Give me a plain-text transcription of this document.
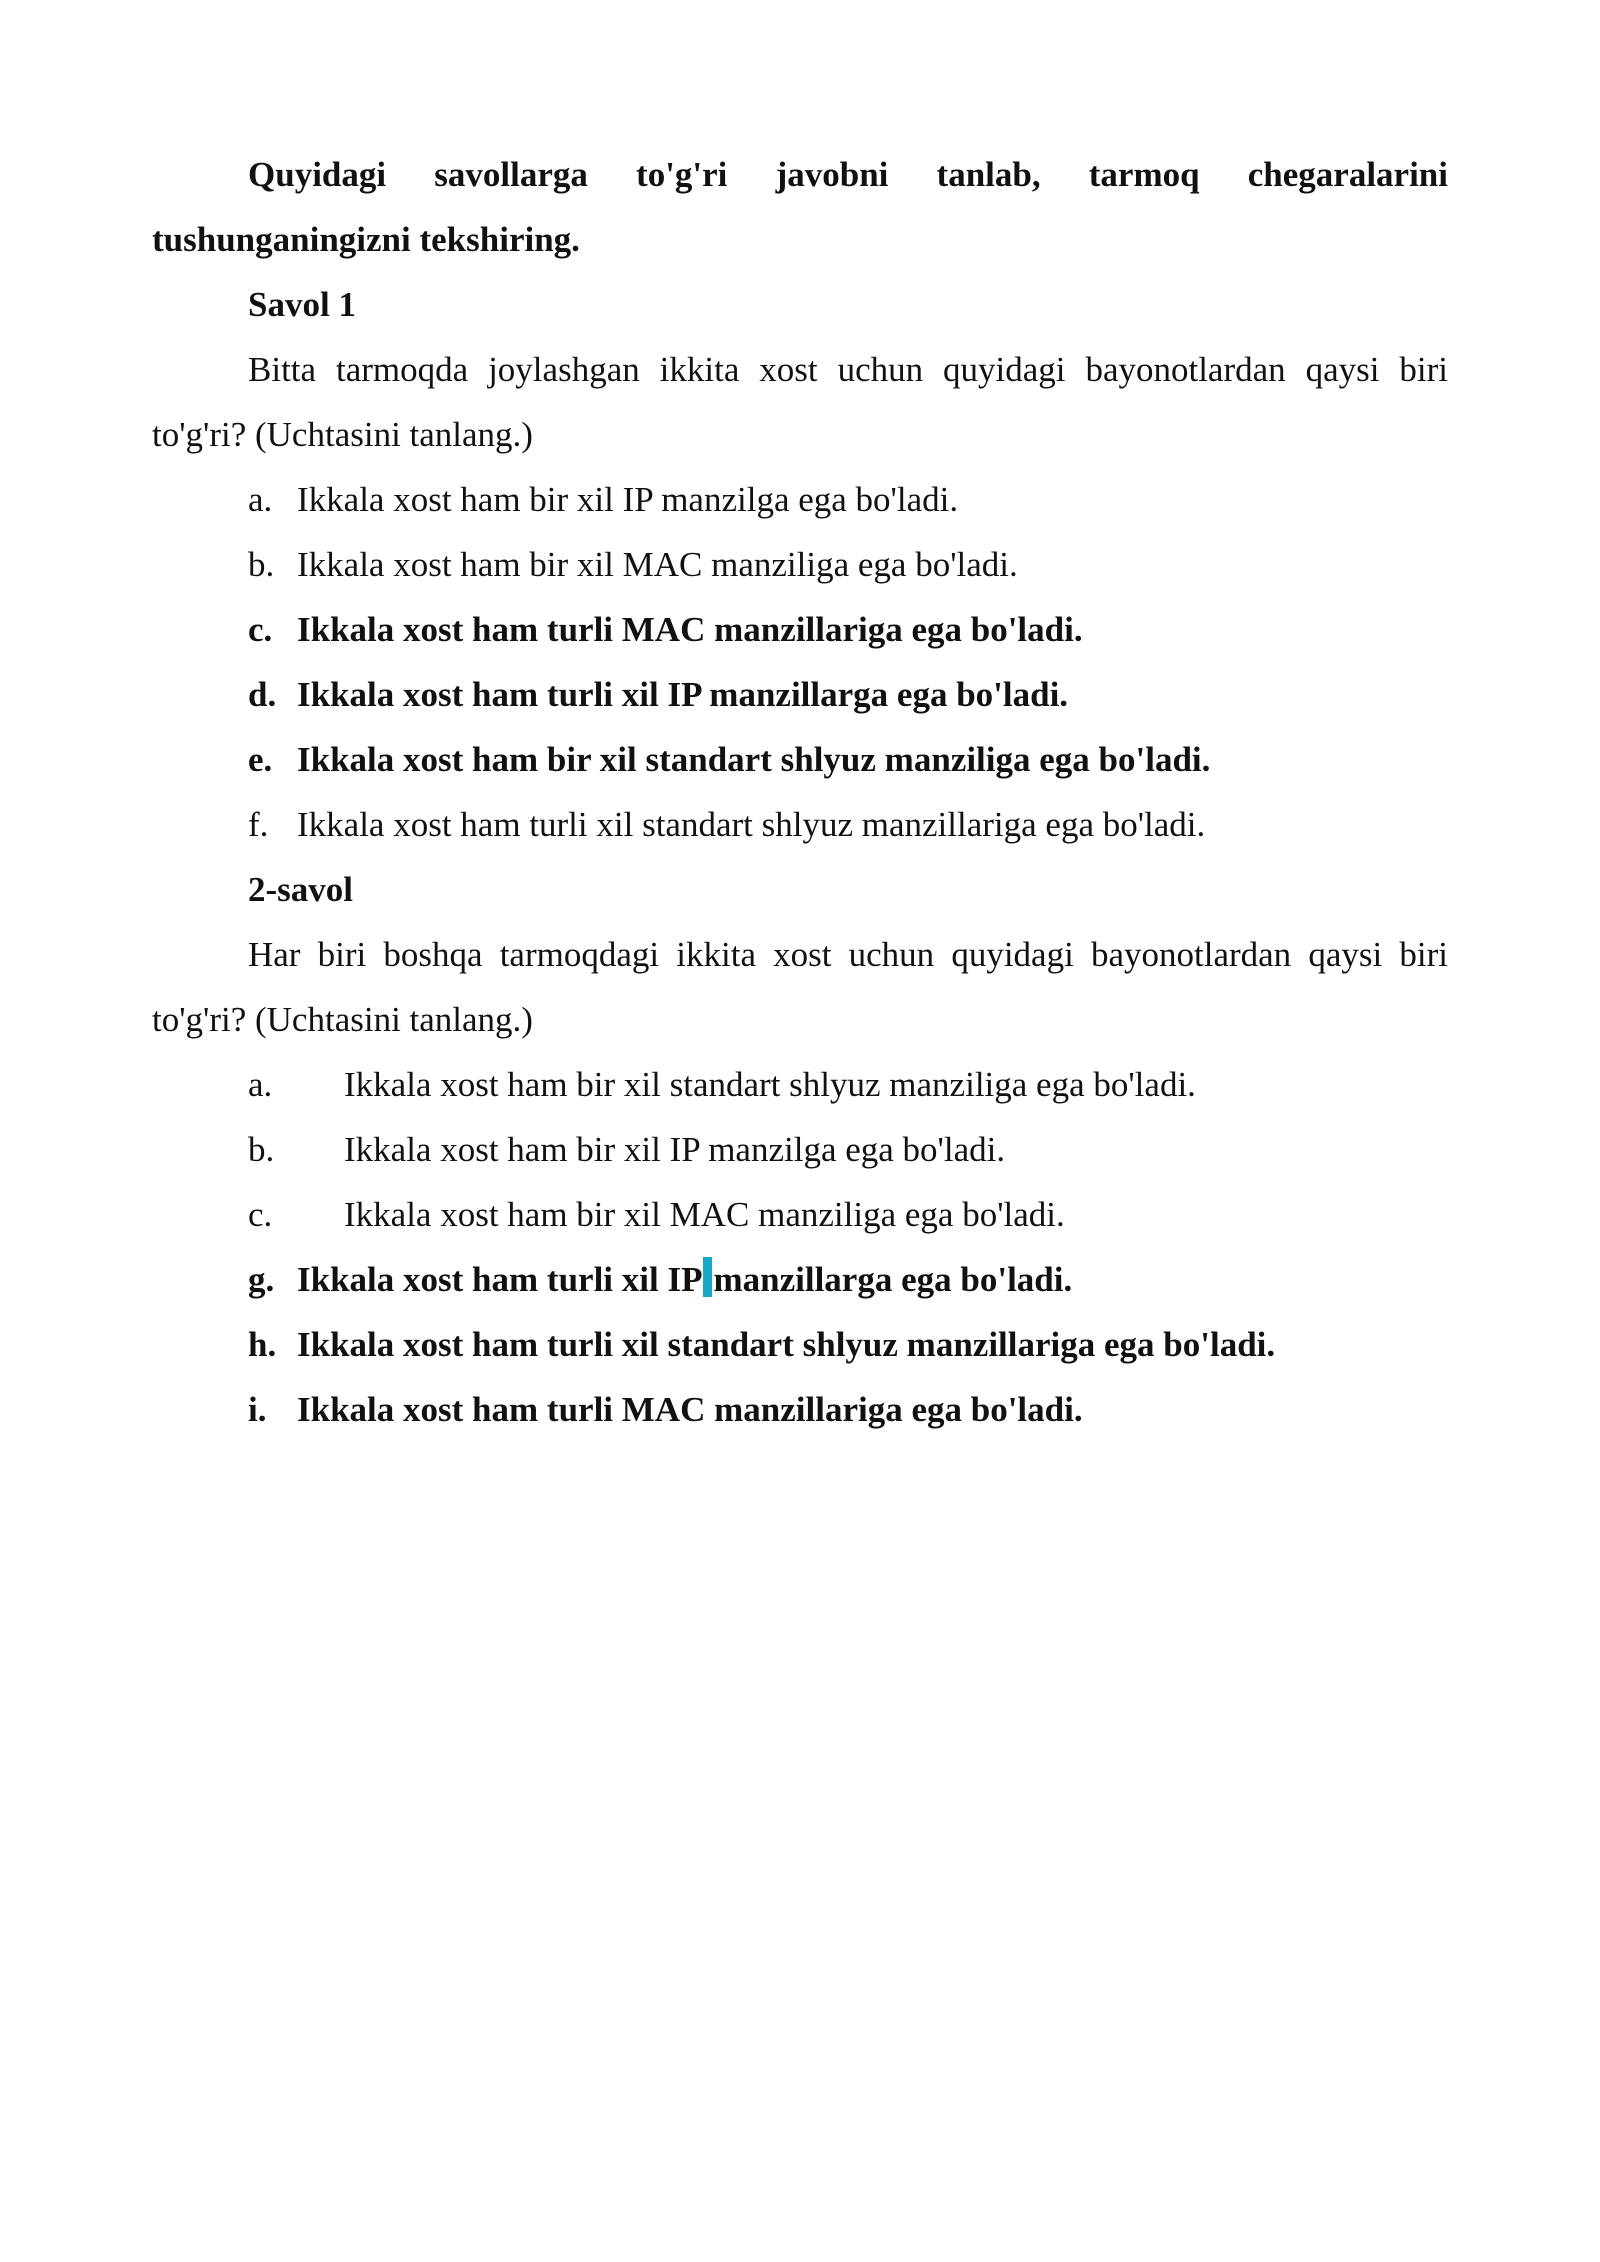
Quyidagi savollarga to'g'ri javobni tanlab, tarmoq chegaralarini tushunganingizni tekshiring.

Savol 1

Bitta tarmoqda joylashgan ikkita xost uchun quyidagi bayonotlardan qaysi biri to'g'ri? (Uchtasini tanlang.)

a. Ikkala xost ham bir xil IP manzilga ega bo'ladi.
b. Ikkala xost ham bir xil MAC manziliga ega bo'ladi.
c. Ikkala xost ham turli MAC manzillariga ega bo'ladi.
d. Ikkala xost ham turli xil IP manzillarga ega bo'ladi.
e. Ikkala xost ham bir xil standart shlyuz manziliga ega bo'ladi.
f. Ikkala xost ham turli xil standart shlyuz manzillariga ega bo'ladi.

2-savol

Har biri boshqa tarmoqdagi ikkita xost uchun quyidagi bayonotlardan qaysi biri to'g'ri? (Uchtasini tanlang.)

a.	Ikkala xost ham bir xil standart shlyuz manziliga ega bo'ladi.
b.	Ikkala xost ham bir xil IP manzilga ega bo'ladi.
c.	Ikkala xost ham bir xil MAC manziliga ega bo'ladi.
g. Ikkala xost ham turli xil IP manzillarga ega bo'ladi.
h. Ikkala xost ham turli xil standart shlyuz manzillariga ega bo'ladi.
i. Ikkala xost ham turli MAC manzillariga ega bo'ladi.
